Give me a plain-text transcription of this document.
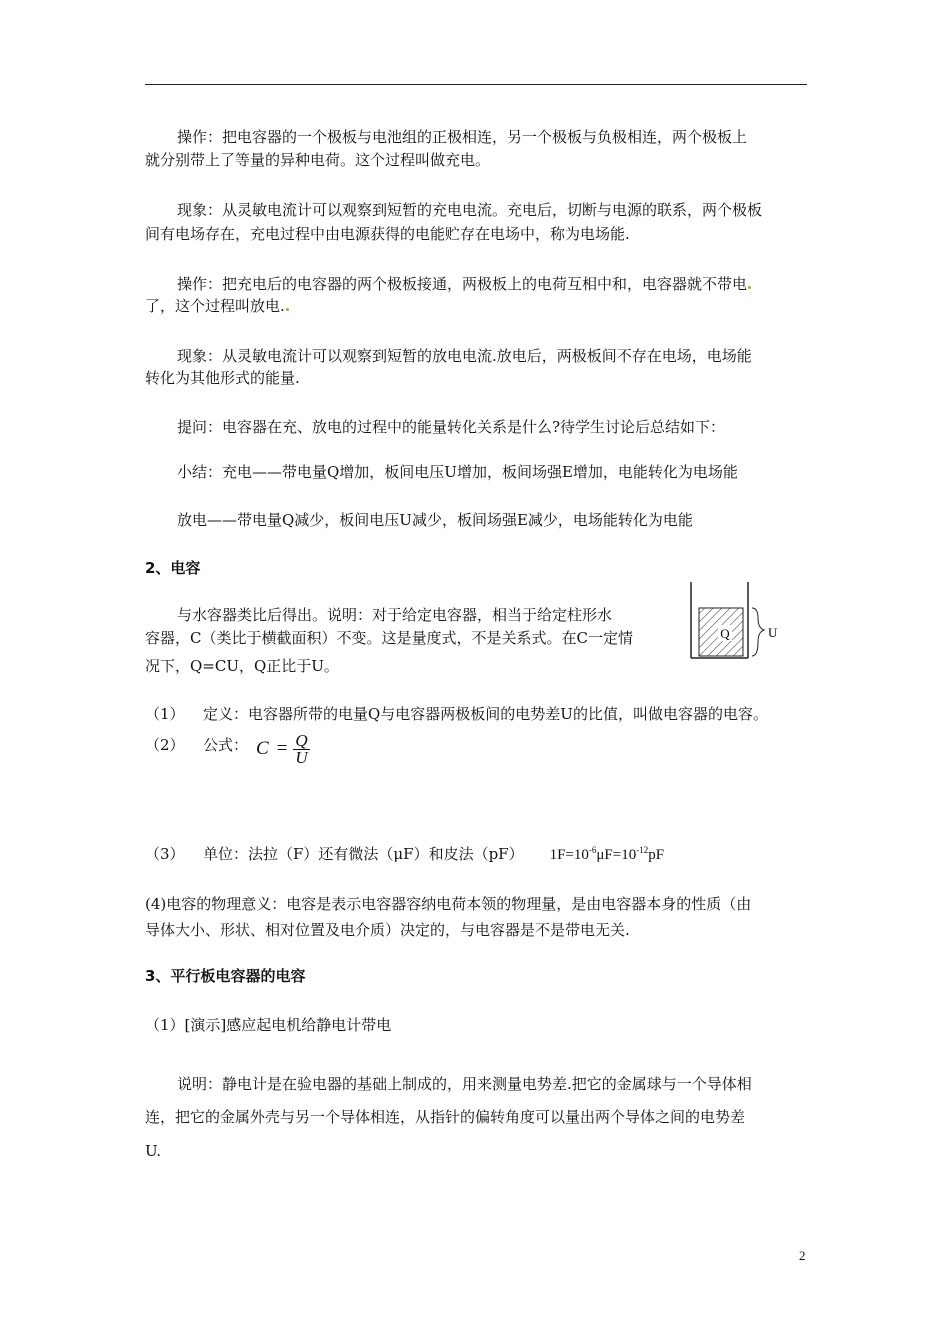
操作：把电容器的一个极板与电池组的正极相连，另一个极板与负极相连，两个极板上

就分别带上了等量的异种电荷。这个过程叫做充电。

现象：从灵敏电流计可以观察到短暂的充电电流。充电后，切断与电源的联系，两个极板

间有电场存在，充电过程中由电源获得的电能贮存在电场中，称为电场能.

操作：把充电后的电容器的两个极板接通，两极板上的电荷互相中和，电容器就不带电

了，这个过程叫放电.

现象：从灵敏电流计可以观察到短暂的放电电流.放电后，两极板间不存在电场，电场能

转化为其他形式的能量.

提问：电容器在充、放电的过程中的能量转化关系是什么?待学生讨论后总结如下：

小结：充电——带电量Q增加，板间电压U增加，板间场强E增加，电能转化为电场能

放电——带电量Q减少，板间电压U减少，板间场强E减少，电场能转化为电能

2、电容

与水容器类比后得出。说明：对于给定电容器，相当于给定柱形水

容器，C（类比于横截面积）不变。这是量度式，不是关系式。在C一定情

况下，Q=CU，Q正比于U。

Q	U

（1） 定义：电容器所带的电量Q与电容器两极板间的电势差U的比值，叫做电容器的电容。

（2） 公式： $C = \frac{Q}{U}$

（3） 单位：法拉（F）还有微法（μF）和皮法（pF） $1F=10^{-6}\mu F=10^{-12}pF$

(4)电容的物理意义：电容是表示电容器容纳电荷本领的物理量，是由电容器本身的性质（由

导体大小、形状、相对位置及电介质）决定的，与电容器是不是带电无关.

3、平行板电容器的电容

（1）[演示]感应起电机给静电计带电

说明：静电计是在验电器的基础上制成的，用来测量电势差.把它的金属球与一个导体相

连，把它的金属外壳与另一个导体相连，从指针的偏转角度可以量出两个导体之间的电势差

U.

2
